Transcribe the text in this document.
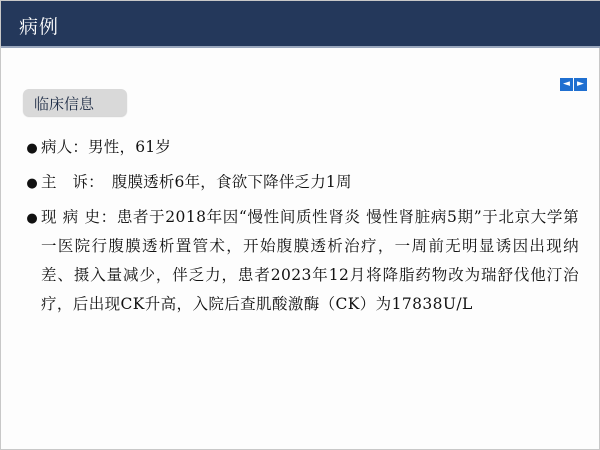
病例
◄ ►
临床信息
● 病人：男性，61岁
● 主　诉：　腹膜透析6年，食欲下降伴乏力1周
● 现 病 史：患者于2018年因“慢性间质性肾炎 慢性肾脏病5期”于北京大学第一医院行腹膜透析置管术，开始腹膜透析治疗，一周前无明显诱因出现纳差、摄入量减少，伴乏力，患者2023年12月将降脂药物改为瑞舒伐他汀治疗，后出现CK升高，入院后查肌酸激酶（CK）为17838U/L
